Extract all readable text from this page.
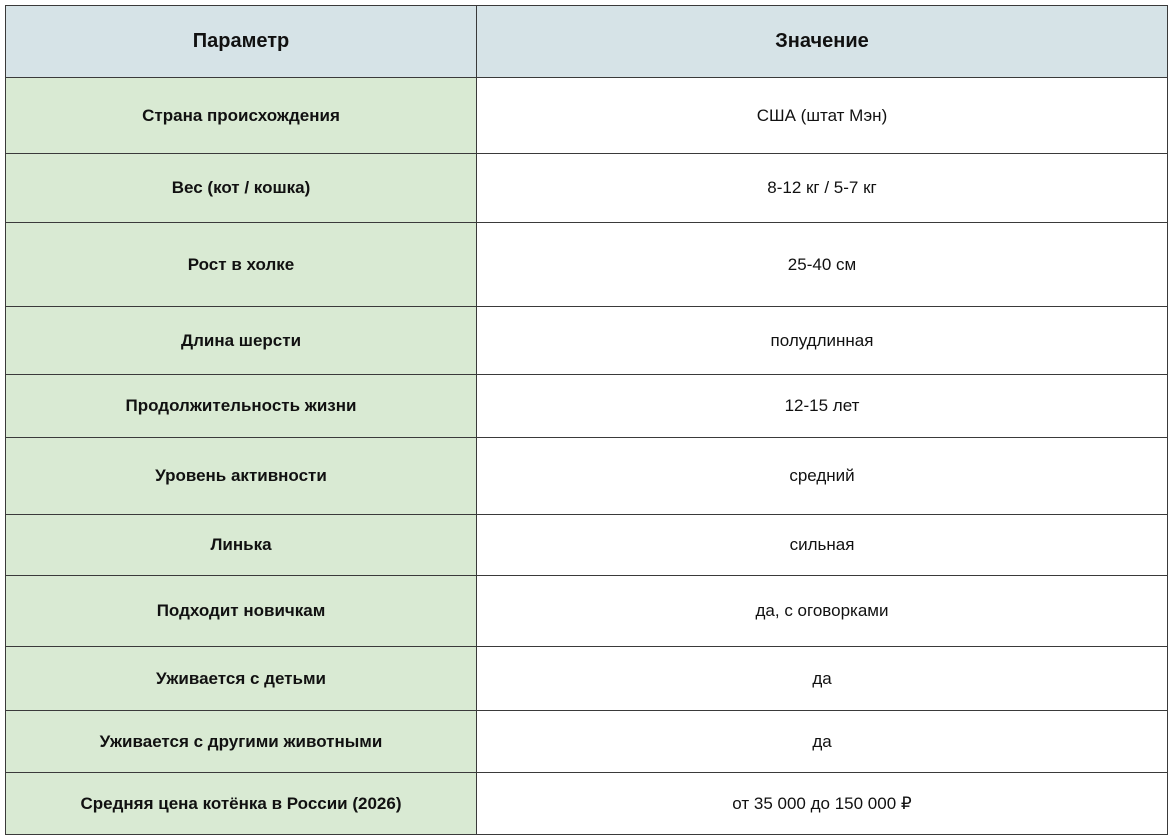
Параметр	Значение
Страна происхождения	США (штат Мэн)
Вес (кот / кошка)	8-12 кг / 5-7 кг
Рост в холке	25-40 см
Длина шерсти	полудлинная
Продолжительность жизни	12-15 лет
Уровень активности	средний
Линька	сильная
Подходит новичкам	да, с оговорками
Уживается с детьми	да
Уживается с другими животными	да
Средняя цена котёнка в России (2026)	от 35 000 до 150 000 ₽
